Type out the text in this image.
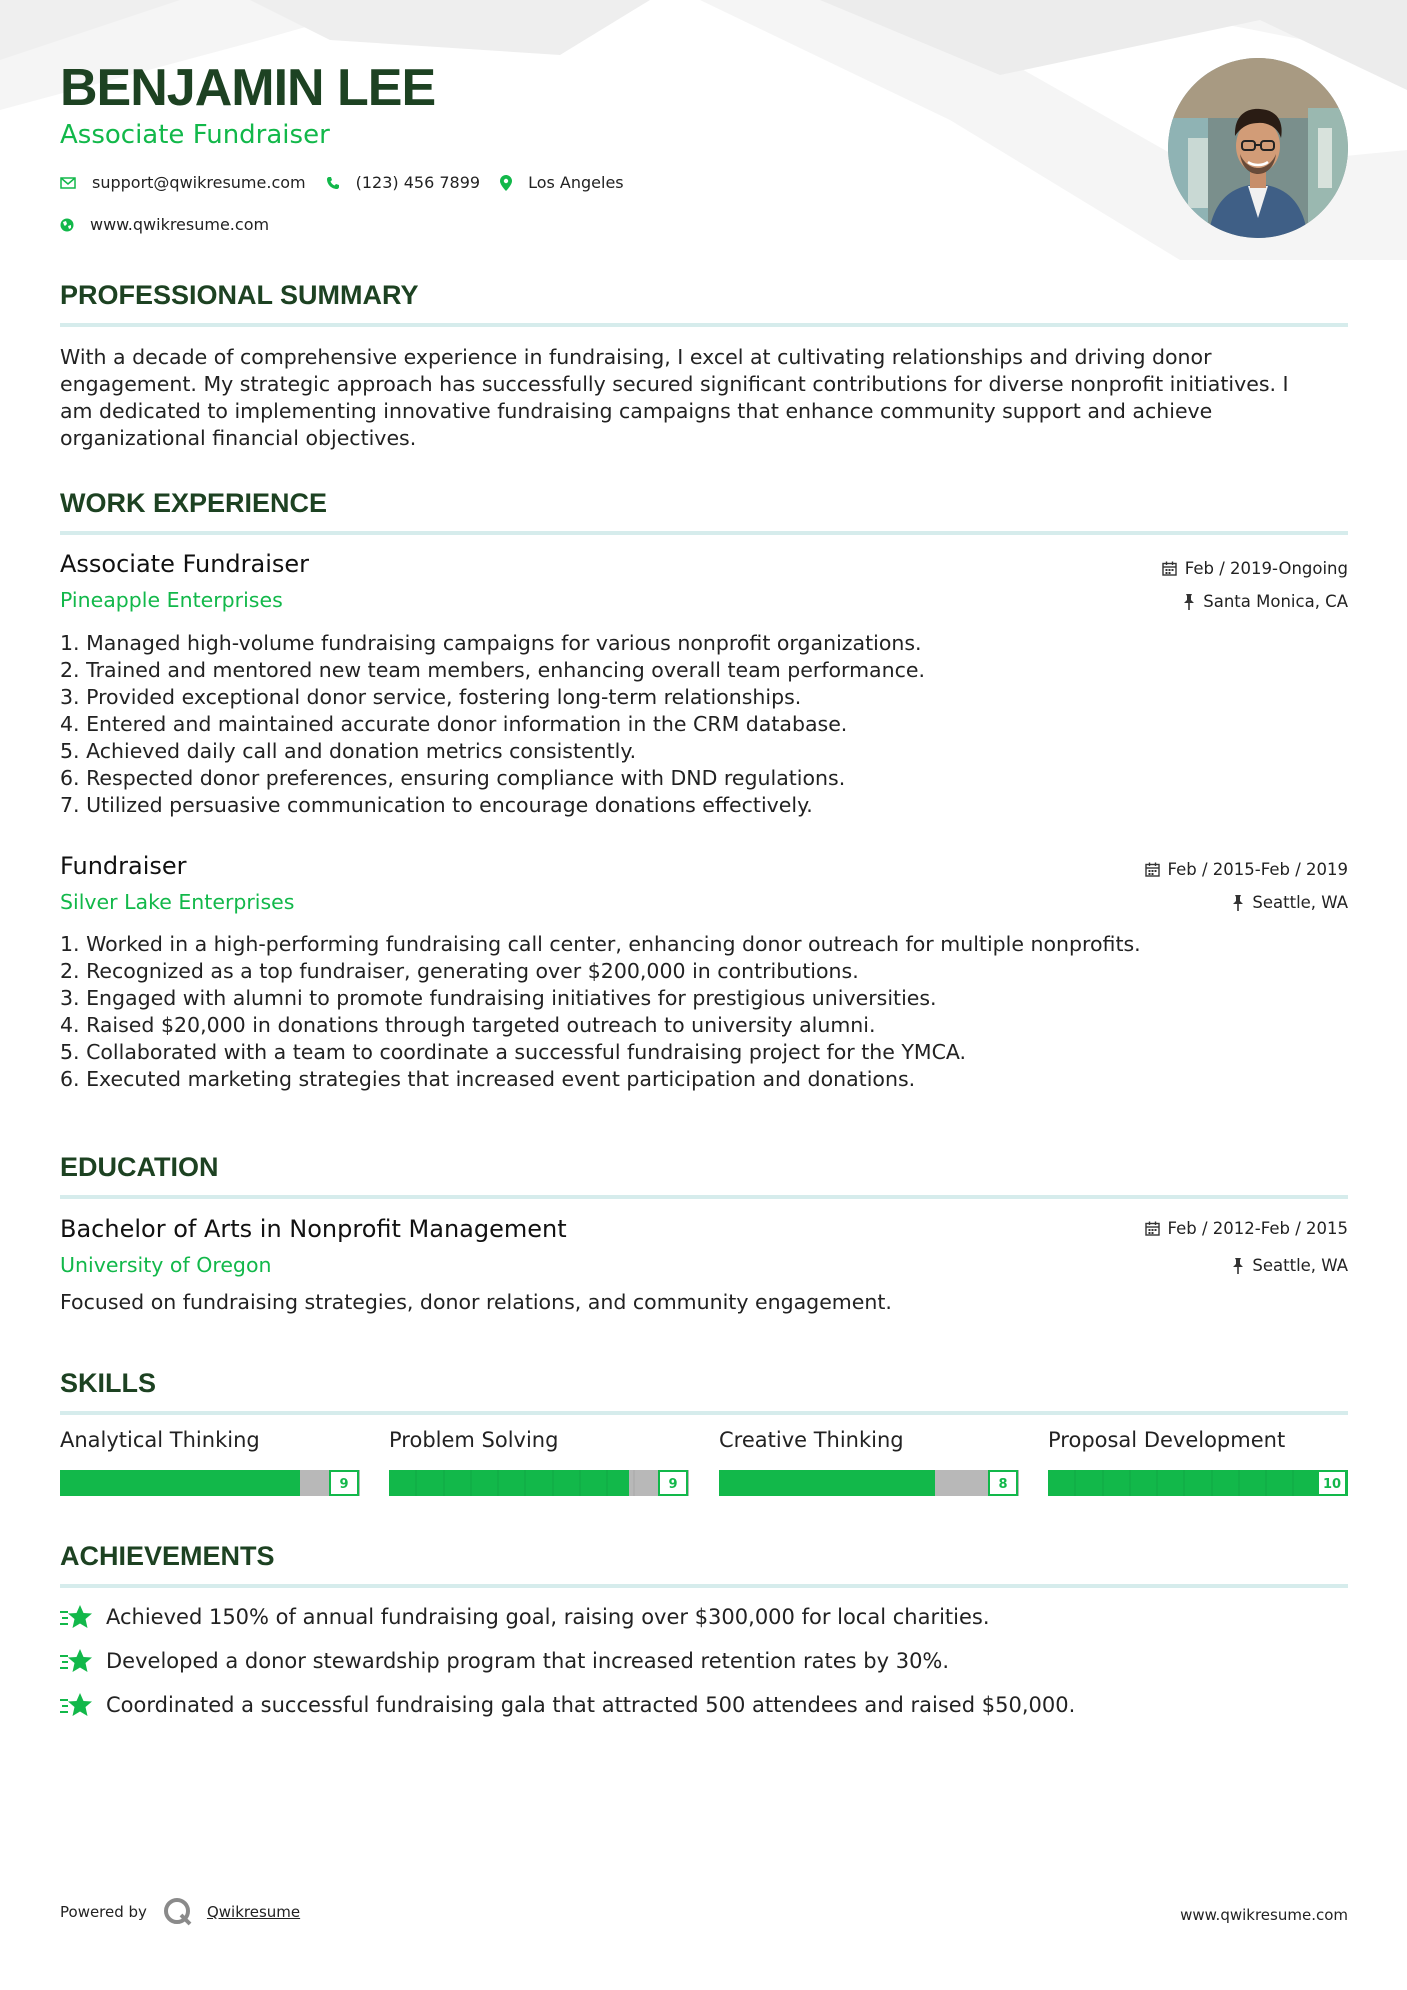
BENJAMIN LEE
Associate Fundraiser
support@qwikresume.com	(123) 456 7899	Los Angeles
www.qwikresume.com
PROFESSIONAL SUMMARY
With a decade of comprehensive experience in fundraising, I excel at cultivating relationships and driving donor
engagement. My strategic approach has successfully secured significant contributions for diverse nonprofit initiatives. I
am dedicated to implementing innovative fundraising campaigns that enhance community support and achieve
organizational financial objectives.
WORK EXPERIENCE
Associate Fundraiser
Pineapple Enterprises
Feb / 2019-Ongoing
Santa Monica, CA
1. Managed high-volume fundraising campaigns for various nonprofit organizations.
2. Trained and mentored new team members, enhancing overall team performance.
3. Provided exceptional donor service, fostering long-term relationships.
4. Entered and maintained accurate donor information in the CRM database.
5. Achieved daily call and donation metrics consistently.
6. Respected donor preferences, ensuring compliance with DND regulations.
7. Utilized persuasive communication to encourage donations effectively.
Fundraiser
Silver Lake Enterprises
Feb / 2015-Feb / 2019
Seattle, WA
1. Worked in a high-performing fundraising call center, enhancing donor outreach for multiple nonprofits.
2. Recognized as a top fundraiser, generating over $200,000 in contributions.
3. Engaged with alumni to promote fundraising initiatives for prestigious universities.
4. Raised $20,000 in donations through targeted outreach to university alumni.
5. Collaborated with a team to coordinate a successful fundraising project for the YMCA.
6. Executed marketing strategies that increased event participation and donations.
EDUCATION
Bachelor of Arts in Nonprofit Management
University of Oregon
Feb / 2012-Feb / 2015
Seattle, WA
Focused on fundraising strategies, donor relations, and community engagement.
SKILLS
Analytical Thinking
9
Problem Solving
9
Creative Thinking
8
Proposal Development
10
ACHIEVEMENTS
Achieved 150% of annual fundraising goal, raising over $300,000 for local charities.
Developed a donor stewardship program that increased retention rates by 30%.
Coordinated a successful fundraising gala that attracted 500 attendees and raised $50,000.
Powered by	Qwikresume	www.qwikresume.com
